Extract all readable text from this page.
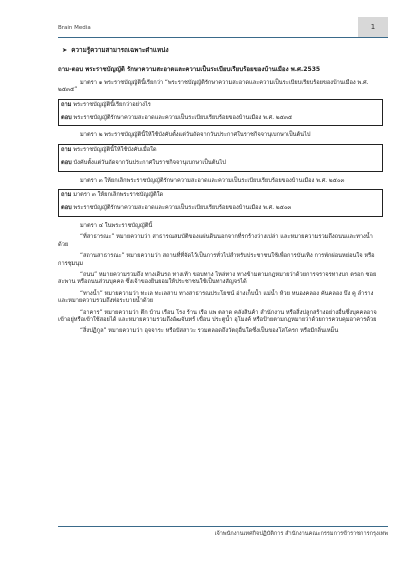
Brain Media	1
➤ ความรู้ความสามารถเฉพาะตำแหน่ง
ถาม-ตอบ พระราชบัญญัติ รักษาความสะอาดและความเป็นระเบียบเรียบร้อยของบ้านเมือง พ.ศ.2535

มาตรา ๑ พระราชบัญญัตินี้เรียกว่า “พระราชบัญญัติรักษาความสะอาดและความเป็นระเบียบเรียบร้อยของบ้านเมือง พ.ศ. ๒๕๓๕”

ถาม พระราชบัญญัตินี้เรียกว่าอย่างไร
ตอบ พระราชบัญญัติรักษาความสะอาดและความเป็นระเบียบเรียบร้อยของบ้านเมือง พ.ศ. ๒๕๓๕

มาตรา ๒ พระราชบัญญัตินี้ให้ใช้บังคับตั้งแต่วันถัดจากวันประกาศในราชกิจจานุเบกษาเป็นต้นไป

ถาม พระราชบัญญัตินี้ให้ใช้บังคับเมื่อใด
ตอบ บังคับตั้งแต่วันถัดจากวันประกาศในราชกิจจานุเบกษาเป็นต้นไป

มาตรา ๓ ให้ยกเลิกพระราชบัญญัติรักษาความสะอาดและความเป็นระเบียบเรียบร้อยของบ้านเมือง พ.ศ. ๒๕๐๓

ถาม มาตรา ๓ ให้ยกเลิกพระราชบัญญัติใด
ตอบ พระราชบัญญัติรักษาความสะอาดและความเป็นระเบียบเรียบร้อยของบ้านเมือง พ.ศ. ๒๕๐๓

มาตรา ๔ ในพระราชบัญญัตินี้

“ที่สาธารณะ” หมายความว่า สาธารณสมบัติของแผ่นดินนอกจากที่รกร้างว่างเปล่า และหมายความรวมถึงถนนและทางน้ำด้วย

“สถานสาธารณะ” หมายความว่า สถานที่ที่จัดไว้เป็นการทั่วไปสำหรับประชาชนใช้เพื่อการบันเทิง การพักผ่อนหย่อนใจ หรือการชุมนุม

“ถนน” หมายความรวมถึง ทางเดินรถ ทางเท้า ขอบทาง ไหล่ทาง ทางข้ามตามกฎหมายว่าด้วยการจราจรทางบก ตรอก ซอย สะพาน หรือถนนส่วนบุคคล ซึ่งเจ้าของยินยอมให้ประชาชนใช้เป็นทางสัญจรได้

“ทางน้ำ” หมายความว่า ทะเล ทะเลสาบ ทางสาธารณประโยชน์ อ่างเก็บน้ำ แม่น้ำ ห้วย หนองคลอง คันคลอง บึง คู ลำราง และหมายความรวมถึงท่อระบายน้ำด้วย

“อาคาร” หมายความว่า ตึก บ้าน เรือน โรง ร้าน เรือ แพ ตลาด คลังสินค้า สำนักงาน หรือสิ่งปลูกสร้างอย่างอื่นซึ่งบุคคลอาจเข้าอยู่หรือเข้าใช้สอยได้ และหมายความรวมถึงอัฒจันทร์ เขื่อน ประตูน้ำ อุโมงค์ หรือป้ายตามกฎหมายว่าด้วยการควบคุมอาคารด้วย

“สิ่งปฏิกูล” หมายความว่า อุจจาระ หรือปัสสาวะ รวมตลอดถึงวัตถุอื่นใดซึ่งเป็นของโสโครก หรือมีกลิ่นเหม็น

เจ้าพนักงานเทศกิจปฏิบัติการ สำนักงานคณะกรรมการข้าราชการกรุงเทพ
